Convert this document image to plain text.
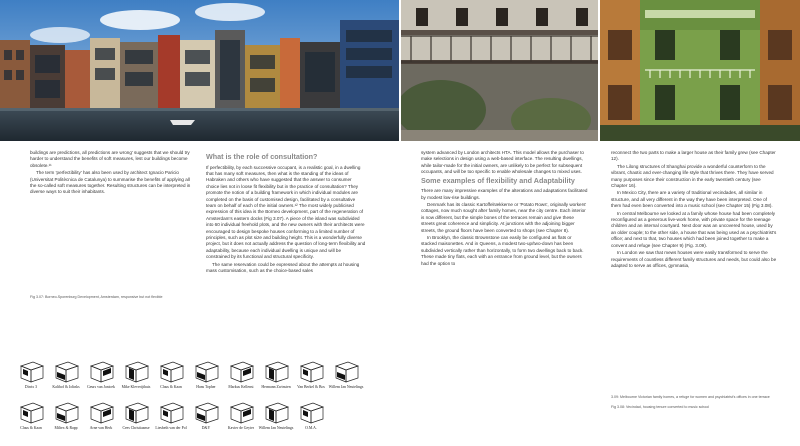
buildings are predictions, all predictions are wrong' suggests that we should try harder to understand the benefits of soft measures, lest our buildings become obsolete.¹¹

The term 'perfectibility' has also been used by architect Ignacio Paricio (Universitat Politècnica de Catalunya) to summarise the benefits of applying all the so-called soft measures together. Resulting structures can be interpreted in diverse ways to suit their inhabitants.

What is the role of consultation?

If perfectibility, by each successive occupant, is a realistic goal, in a dwelling that has many soft measures, then what is the standing of the ideas of Habraken and others who have suggested that the answer to consumer choice lies not in loose fit flexibility but in the practice of consultation? They promote the notion of a building framework in which individual modules are completed on the basis of customised design, facilitated by a consultative team on behalf of each of the initial owners.¹² The most widely publicised expression of this idea is the Borneo development, part of the regeneration of Amsterdam's eastern docks (Fig 3.07). A piece of the island was subdivided into 60 individual freehold plots, and the new owners with their architects were encouraged to design bespoke houses conforming to a limited number of principles, such as plot size and building height. This is a wonderfully diverse project, but it does not actually address the question of long-term flexibility and adaptability, because each individual dwelling is unique and will be constrained by its functional and structural specificity.

The same reservation could be expressed about the attempts at housing mass customisation, such as the choice-based sales

system advanced by London architects HTA. This model allows the purchaser to make selections in design using a web-based interface. The resulting dwellings, while tailor-made for the initial owners, are unlikely to be perfect for subsequent occupants, and will be too specific to enable wholesale changes to mixed uses.

Some examples of flexibility and Adaptability

There are many impressive examples of the alterations and adaptations facilitated by modest low-rise buildings.

Denmark has its classic Kartoffelrækkerne or 'Potato Rows', originally workers' cottages, now much sought after family homes, near the city centre. Each interior is now different, but the simple bones of the terraces remain and give these streets great coherence and simplicity. At junctions with the adjoining bigger streets, the ground floors have been converted to shops (see Chapter 8).

In Brooklyn, the classic Brownstone can easily be configured as flats or stacked maisonettes. And in Queens, a modest two-up/two-down has been subdivided vertically rather than horizontally, to form two dwellings back to back. These made tiny flats, each with an entrance from ground level, but the owners had the option to

reconnect the two parts to make a larger house as their family grew (see Chapter 12).

The Lilong structures of Shanghai provide a wonderful counterform to the vibrant, chaotic and ever-changing life style that thrives there. They have served many purposes since their construction in the early twentieth century (see Chapter 16).

In Mexico City, there are a variety of traditional vecindades, all similar in structure, and all very different in the way they have been interpreted. One of them had even been converted into a music school (see Chapter 15) (Fig 3.08).

In central Melbourne we looked at a family whose house had been completely reconfigured as a generous live-work home, with private space for the teenage children and an internal courtyard. Next door was an uncovered house, used by an older couple; to the other side, a house that was being used as a psychiatrist's office; and next to that, two houses which had been joined together to make a convent and refuge (see Chapter 9) (Fig. 3.09).

In London we saw that mews houses were easily transformed to serve the requirements of countless different family structures and needs, but could also be adapted to serve as offices, gymnasia,

Fig 3.07: Borneo-Sporenburg Development, Amsterdam, responsive but not flexible
3.09: Melbourne Victorian family homes, a refuge for women and psychiatrist's offices in one terrace
Fig 3.08: Vecindad, housing tenure converted to music school
Dirrix 3	Kalthof & Jolinks	Geurs van Janicek	Mike Kleverijthuis	Claus & Kaan	Hans Topher	Markus Kellenst	Hermann Zwinsten	Van Berkel & Bos Willem Jan Neutelings
Claus & Kaan	Miltex & Rapp	Arne van Herk	Cees Christiaanse	Liesbeth van der Pol	D&Y	Kavier de Geyter	Willem Jan Neutelings	O.M.A.
